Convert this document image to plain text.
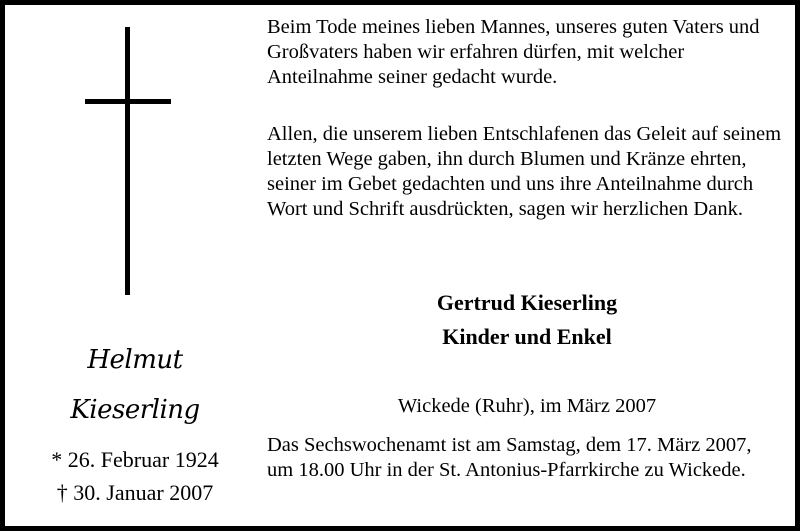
Helmut
Kieserling
* 26. Februar 1924
† 30. Januar 2007

Beim Tode meines lieben Mannes, unseres guten Vaters und Großvaters haben wir erfahren dürfen, mit welcher Anteilnahme seiner gedacht wurde.

Allen, die unserem lieben Entschlafenen das Geleit auf seinem letzten Wege gaben, ihn durch Blumen und Kränze ehrten, seiner im Gebet gedachten und uns ihre Anteilnahme durch Wort und Schrift ausdrückten, sagen wir herzlichen Dank.

Gertrud Kieserling
Kinder und Enkel
Wickede (Ruhr), im März 2007

Das Sechswochenamt ist am Samstag, dem 17. März 2007, um 18.00 Uhr in der St. Antonius-Pfarrkirche zu Wickede.
